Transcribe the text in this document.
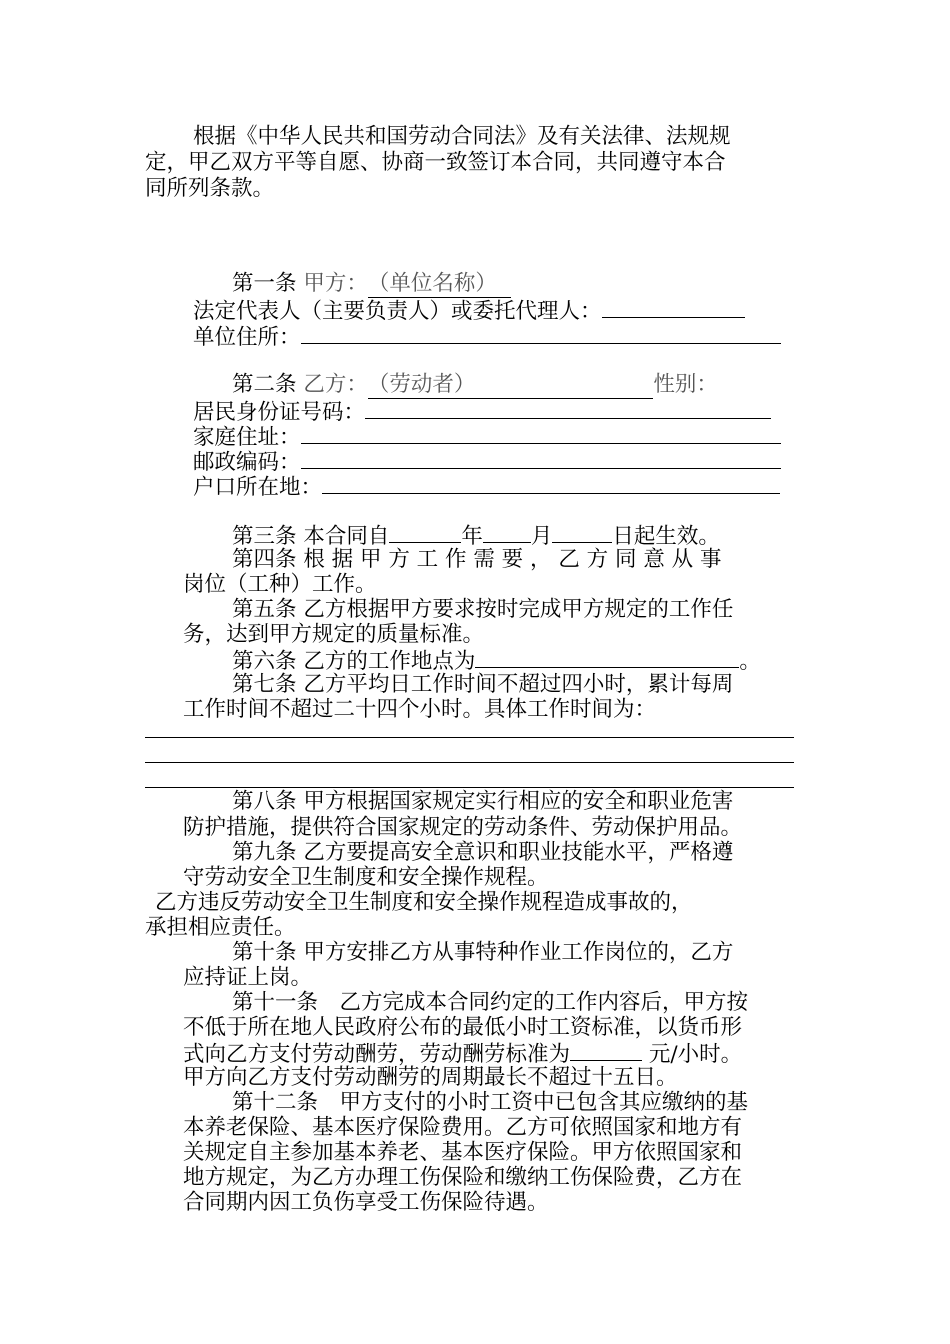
根据《中华人民共和国劳动合同法》及有关法律、法规规
定，甲乙双方平等自愿、协商一致签订本合同，共同遵守本合
同所列条款。
第一条 甲方：（单位名称）
法定代表人（主要负责人）或委托代理人：
单位住所：
第二条 乙方：（劳动者）	性别：
居民身份证号码：
家庭住址：
邮政编码：
户口所在地：
第三条 本合同自	年 月	日起生效。
第四条 根 据 甲 方 工 作 需 要 ， 乙 方 同 意 从 事
岗位（工种）工作。
第五条 乙方根据甲方要求按时完成甲方规定的工作任
务，达到甲方规定的质量标准。
第六条 乙方的工作地点为	。
第七条 乙方平均日工作时间不超过四小时，累计每周
工作时间不超过二十四个小时。具体工作时间为：
第八条 甲方根据国家规定实行相应的安全和职业危害
防护措施，提供符合国家规定的劳动条件、劳动保护用品。
第九条 乙方要提高安全意识和职业技能水平，严格遵
守劳动安全卫生制度和安全操作规程。
乙方违反劳动安全卫生制度和安全操作规程造成事故的，
承担相应责任。
第十条 甲方安排乙方从事特种作业工作岗位的，乙方
应持证上岗。
第十一条　乙方完成本合同约定的工作内容后，甲方按
不低于所在地人民政府公布的最低小时工资标准，以货币形
式向乙方支付劳动酬劳，劳动酬劳标准为	元/小时。
甲方向乙方支付劳动酬劳的周期最长不超过十五日。
第十二条　甲方支付的小时工资中已包含其应缴纳的基
本养老保险、基本医疗保险费用。乙方可依照国家和地方有
关规定自主参加基本养老、基本医疗保险。甲方依照国家和
地方规定，为乙方办理工伤保险和缴纳工伤保险费，乙方在
合同期内因工负伤享受工伤保险待遇。
